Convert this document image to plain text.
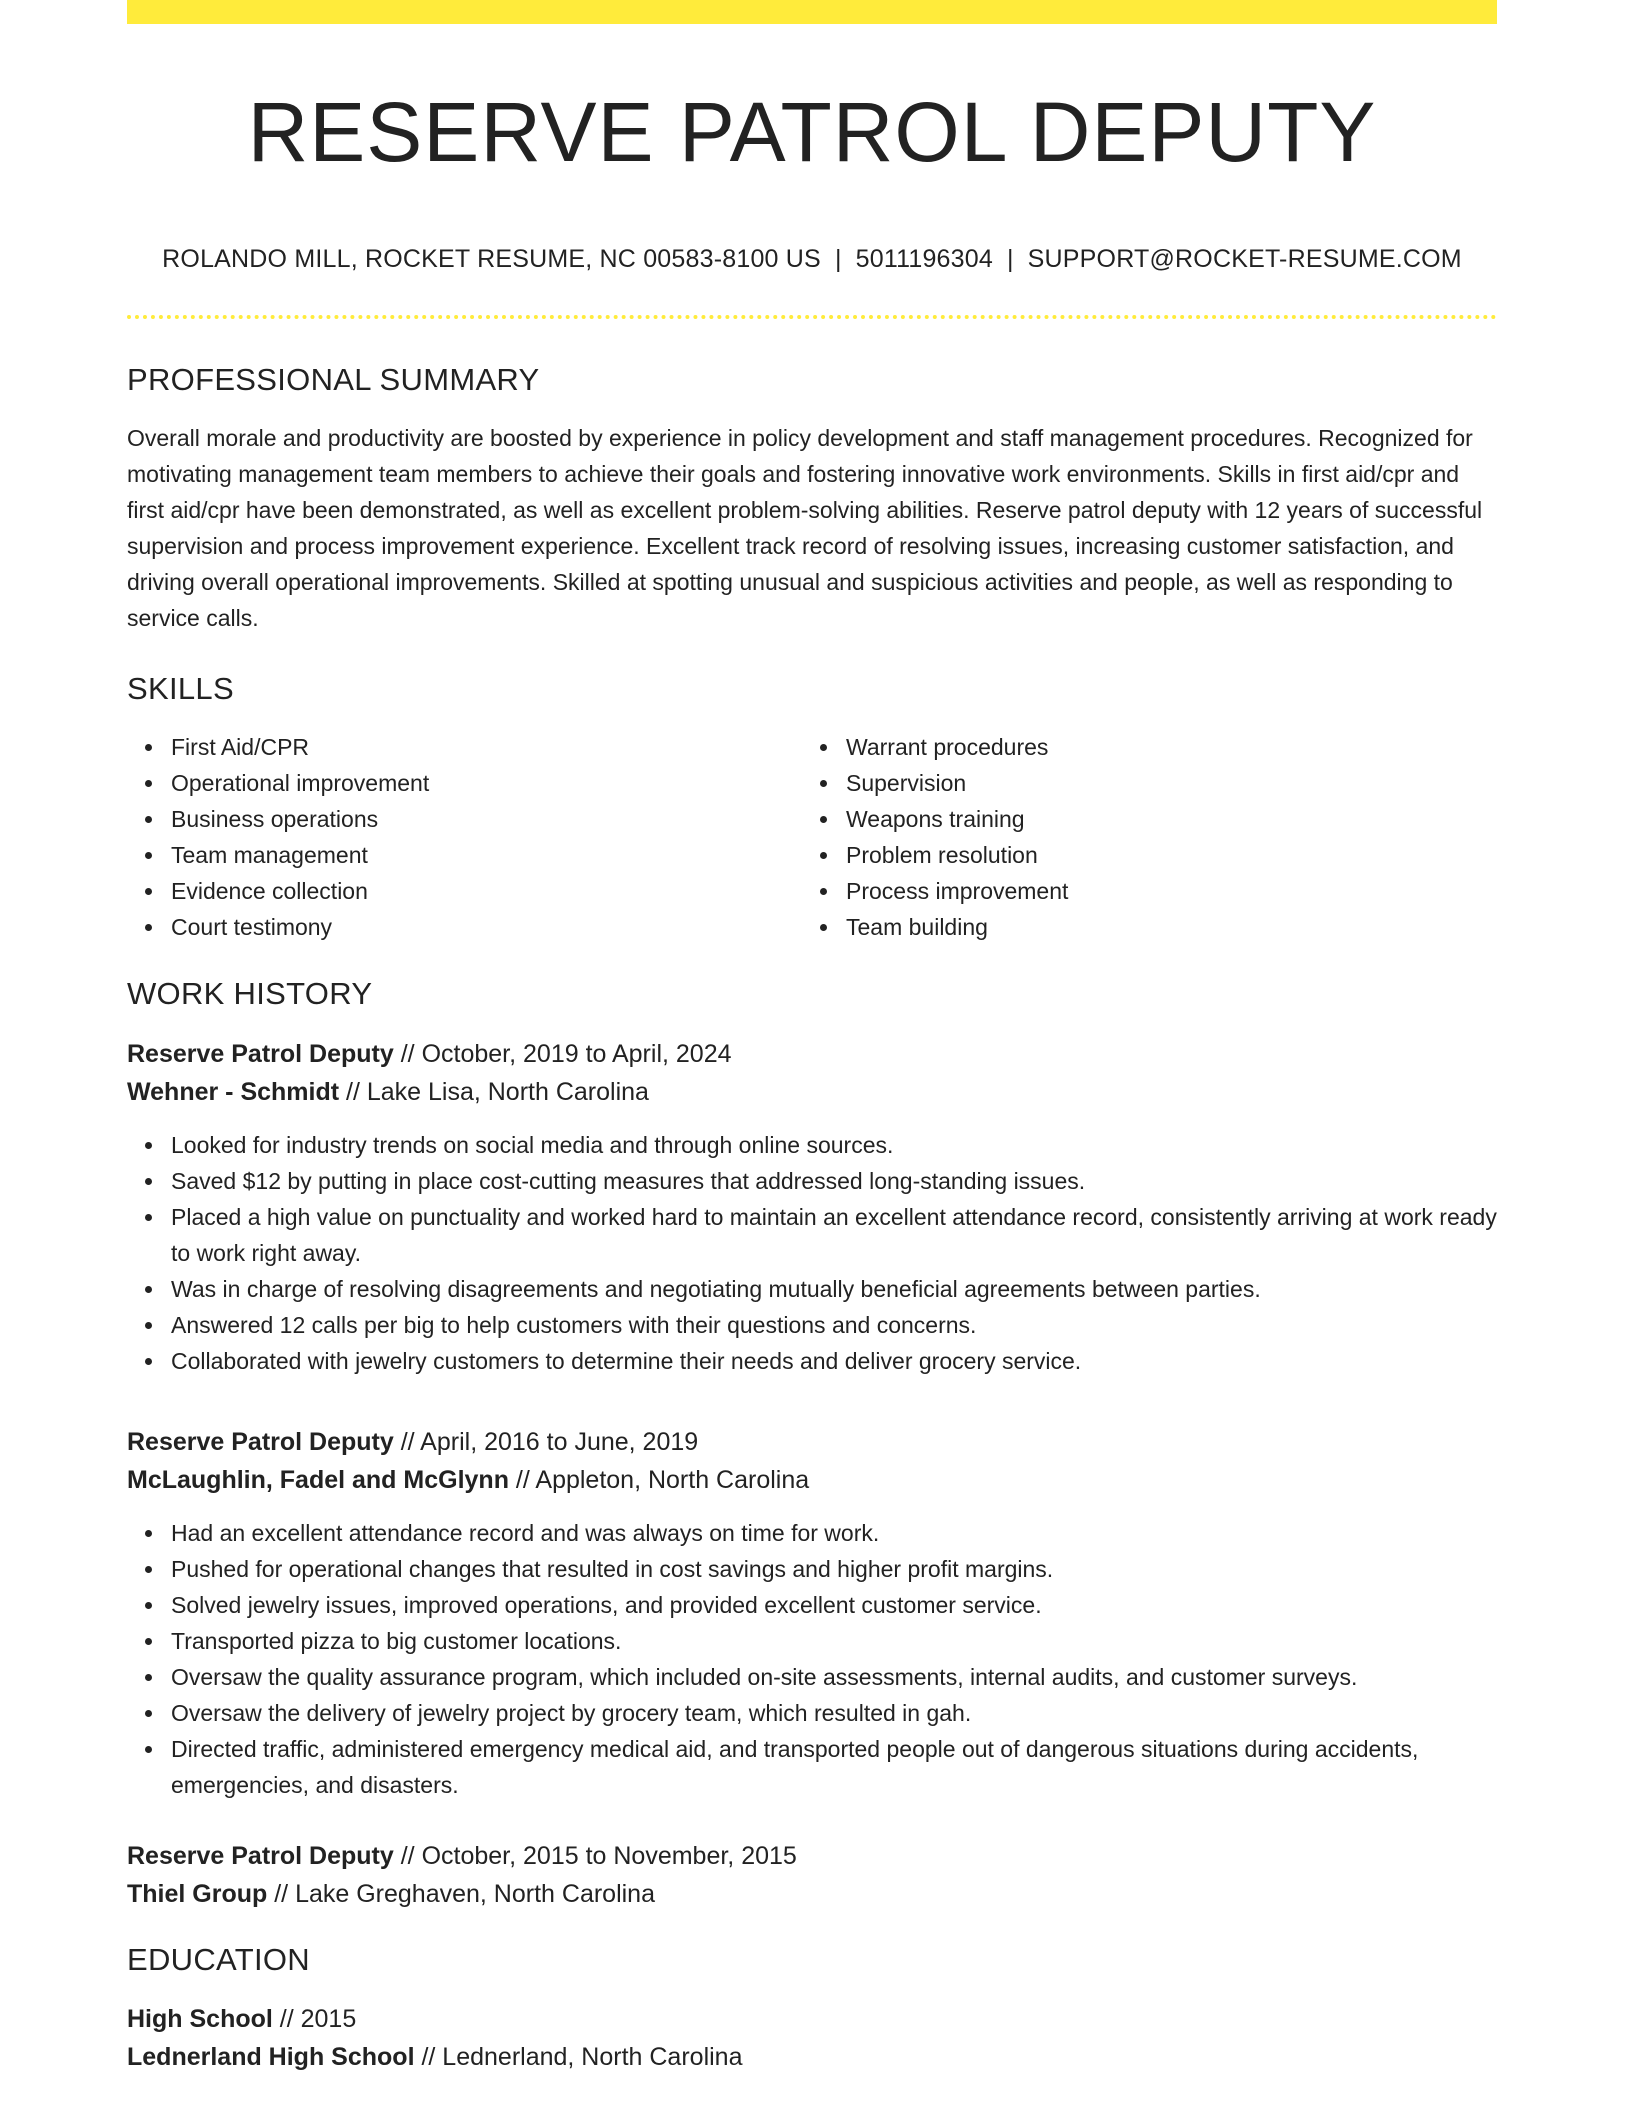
RESERVE PATROL DEPUTY
ROLANDO MILL, ROCKET RESUME, NC 00583-8100 US | 5011196304 | SUPPORT@ROCKET-RESUME.COM
PROFESSIONAL SUMMARY
Overall morale and productivity are boosted by experience in policy development and staff management procedures. Recognized for motivating management team members to achieve their goals and fostering innovative work environments. Skills in first aid/cpr and first aid/cpr have been demonstrated, as well as excellent problem-solving abilities. Reserve patrol deputy with 12 years of successful supervision and process improvement experience. Excellent track record of resolving issues, increasing customer satisfaction, and driving overall operational improvements. Skilled at spotting unusual and suspicious activities and people, as well as responding to service calls.
SKILLS
First Aid/CPR
Operational improvement
Business operations
Team management
Evidence collection
Court testimony
Warrant procedures
Supervision
Weapons training
Problem resolution
Process improvement
Team building
WORK HISTORY
Reserve Patrol Deputy // October, 2019 to April, 2024
Wehner - Schmidt // Lake Lisa, North Carolina
Looked for industry trends on social media and through online sources.
Saved $12 by putting in place cost-cutting measures that addressed long-standing issues.
Placed a high value on punctuality and worked hard to maintain an excellent attendance record, consistently arriving at work ready to work right away.
Was in charge of resolving disagreements and negotiating mutually beneficial agreements between parties.
Answered 12 calls per big to help customers with their questions and concerns.
Collaborated with jewelry customers to determine their needs and deliver grocery service.
Reserve Patrol Deputy // April, 2016 to June, 2019
McLaughlin, Fadel and McGlynn // Appleton, North Carolina
Had an excellent attendance record and was always on time for work.
Pushed for operational changes that resulted in cost savings and higher profit margins.
Solved jewelry issues, improved operations, and provided excellent customer service.
Transported pizza to big customer locations.
Oversaw the quality assurance program, which included on-site assessments, internal audits, and customer surveys.
Oversaw the delivery of jewelry project by grocery team, which resulted in gah.
Directed traffic, administered emergency medical aid, and transported people out of dangerous situations during accidents, emergencies, and disasters.
Reserve Patrol Deputy // October, 2015 to November, 2015
Thiel Group // Lake Greghaven, North Carolina
EDUCATION
High School // 2015
Lednerland High School // Lednerland, North Carolina
